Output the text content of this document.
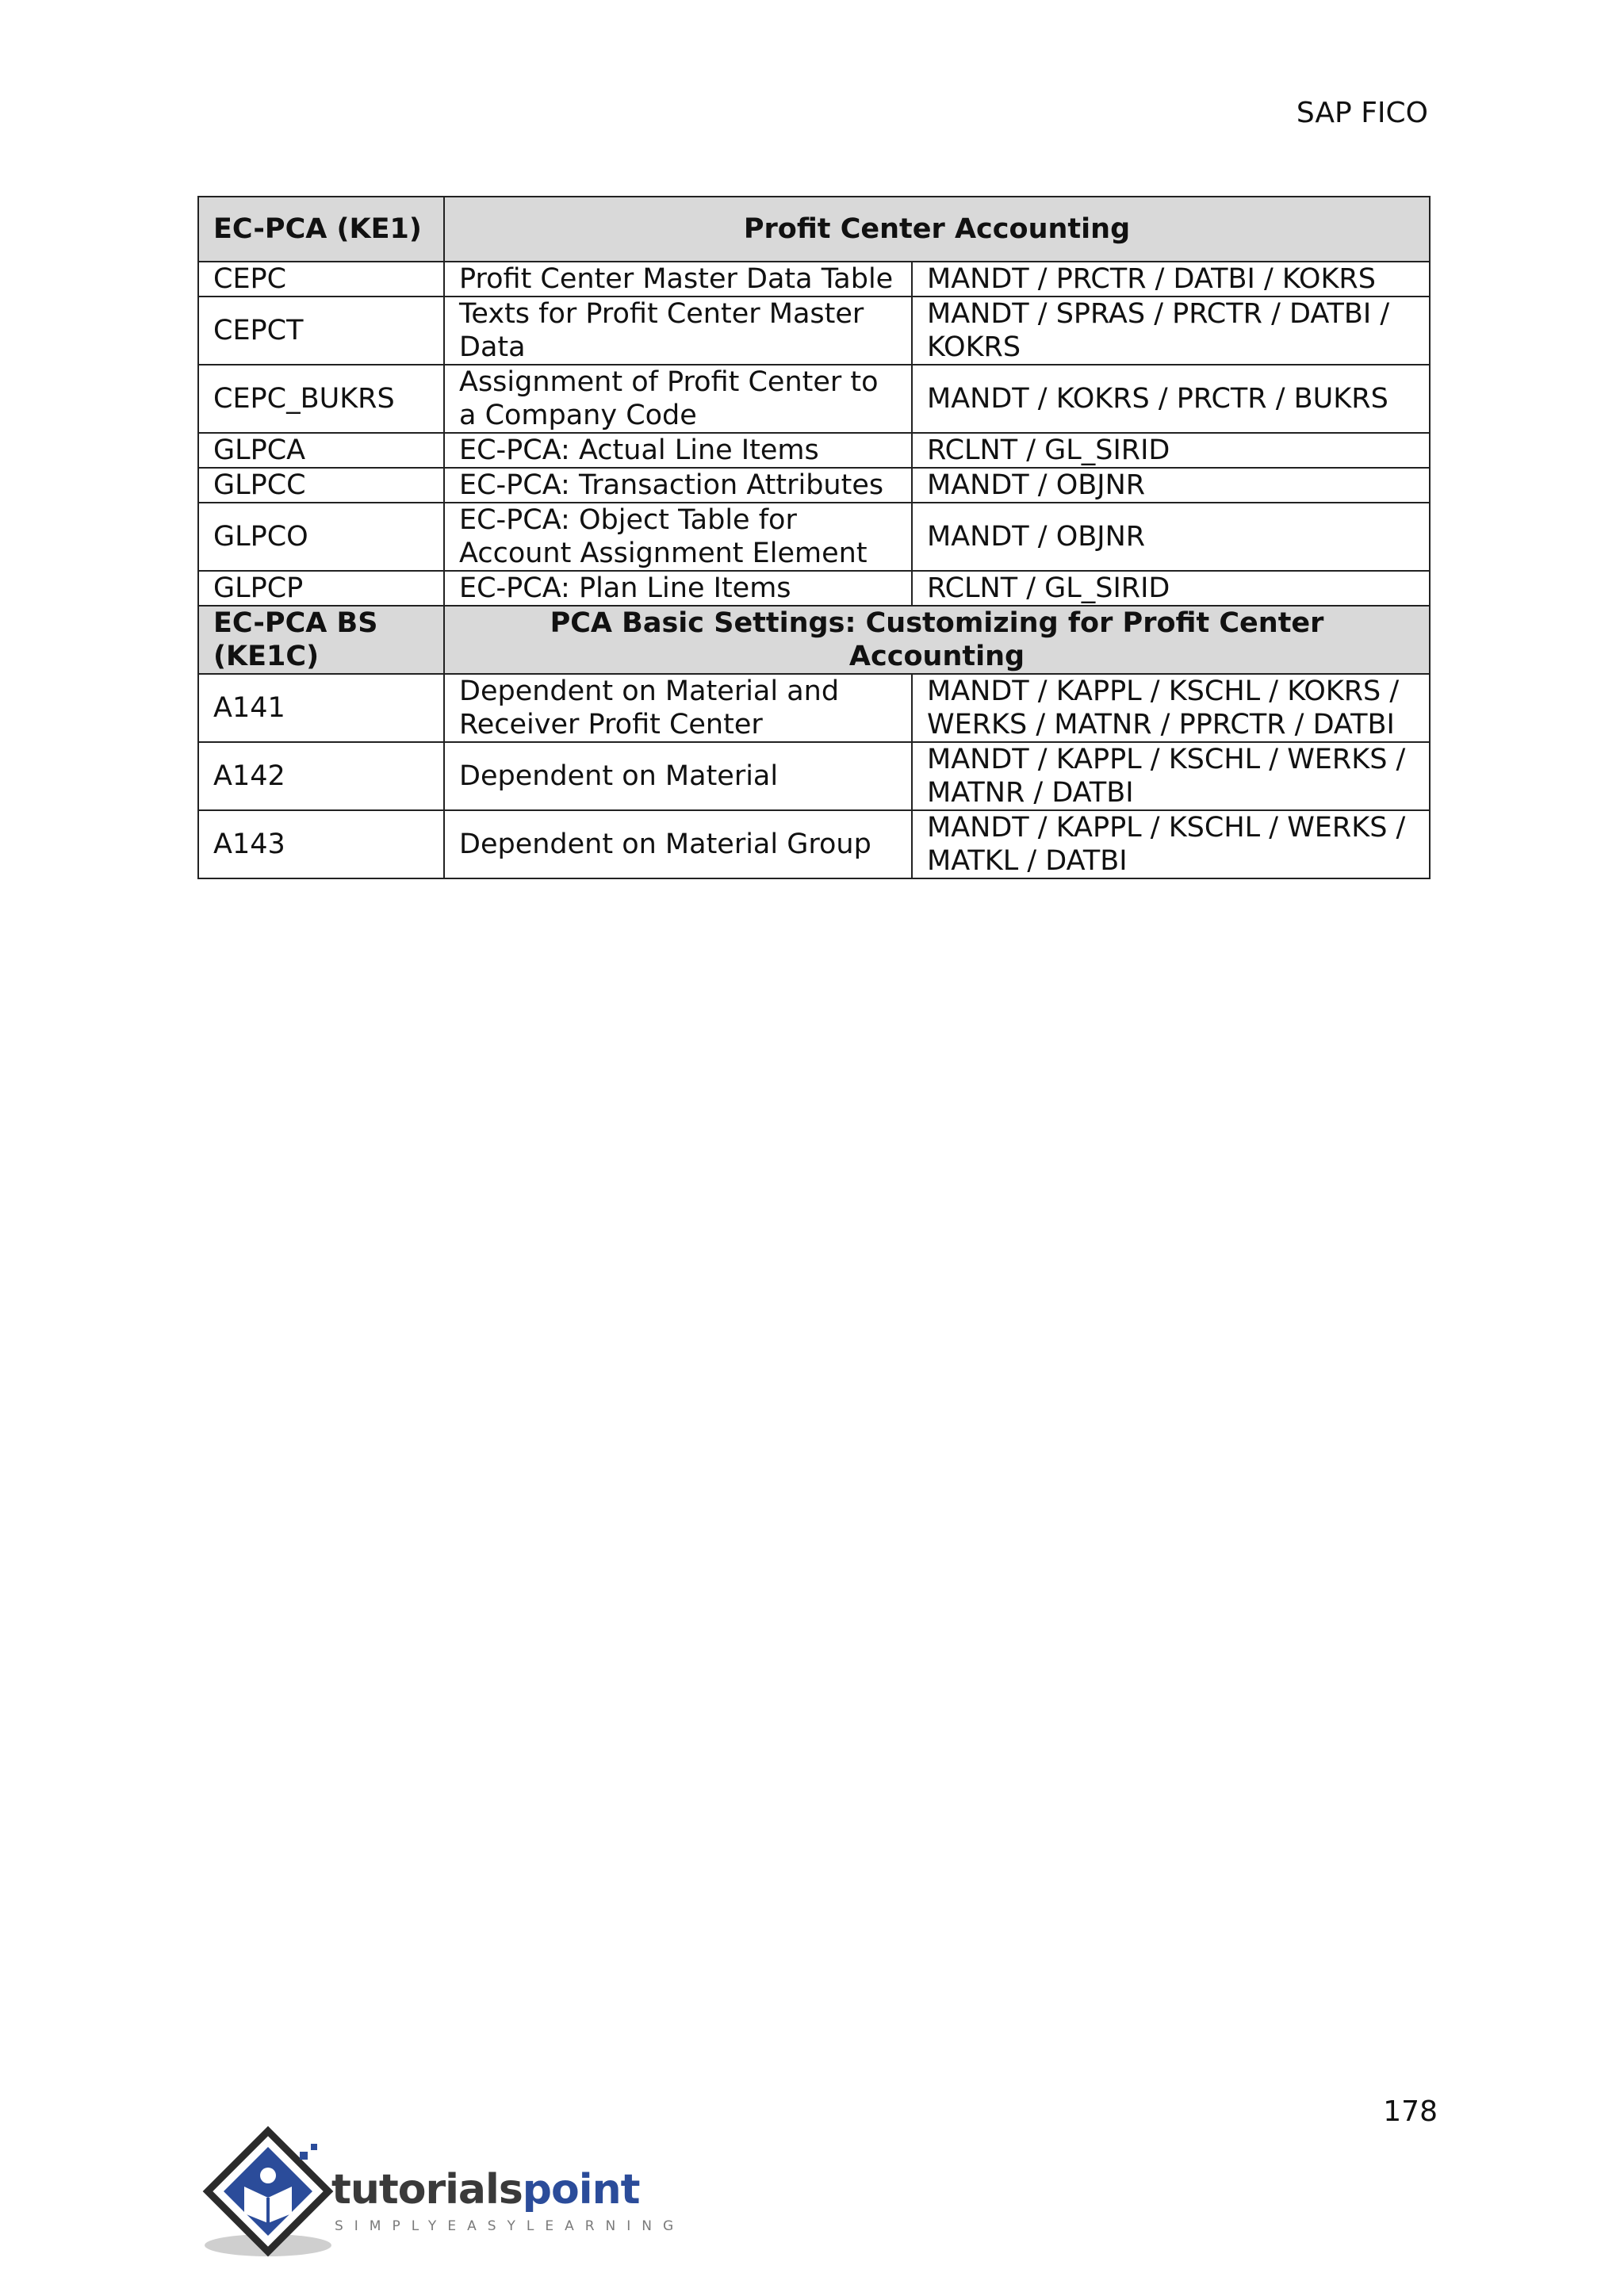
SAP FICO
EC-PCA (KE1)	Profit Center Accounting	
CEPC	Profit Center Master Data Table	MANDT / PRCTR / DATBI / KOKRS
CEPCT	Texts for Profit Center Master Data	MANDT / SPRAS / PRCTR / DATBI / KOKRS
CEPC_BUKRS	Assignment of Profit Center to a Company Code	MANDT / KOKRS / PRCTR / BUKRS
GLPCA	EC-PCA: Actual Line Items	RCLNT / GL_SIRID
GLPCC	EC-PCA: Transaction Attributes	MANDT / OBJNR
GLPCO	EC-PCA: Object Table for Account Assignment Element	MANDT / OBJNR
GLPCP	EC-PCA: Plan Line Items	RCLNT / GL_SIRID
EC-PCA BS (KE1C)	PCA Basic Settings: Customizing for Profit Center Accounting	
A141	Dependent on Material and Receiver Profit Center	MANDT / KAPPL / KSCHL / KOKRS / WERKS / MATNR / PPRCTR / DATBI
A142	Dependent on Material	MANDT / KAPPL / KSCHL / WERKS / MATNR / DATBI
A143	Dependent on Material Group	MANDT / KAPPL / KSCHL / WERKS / MATKL / DATBI
178
tutorialspoint
SIMPLYEASYLEARNING
